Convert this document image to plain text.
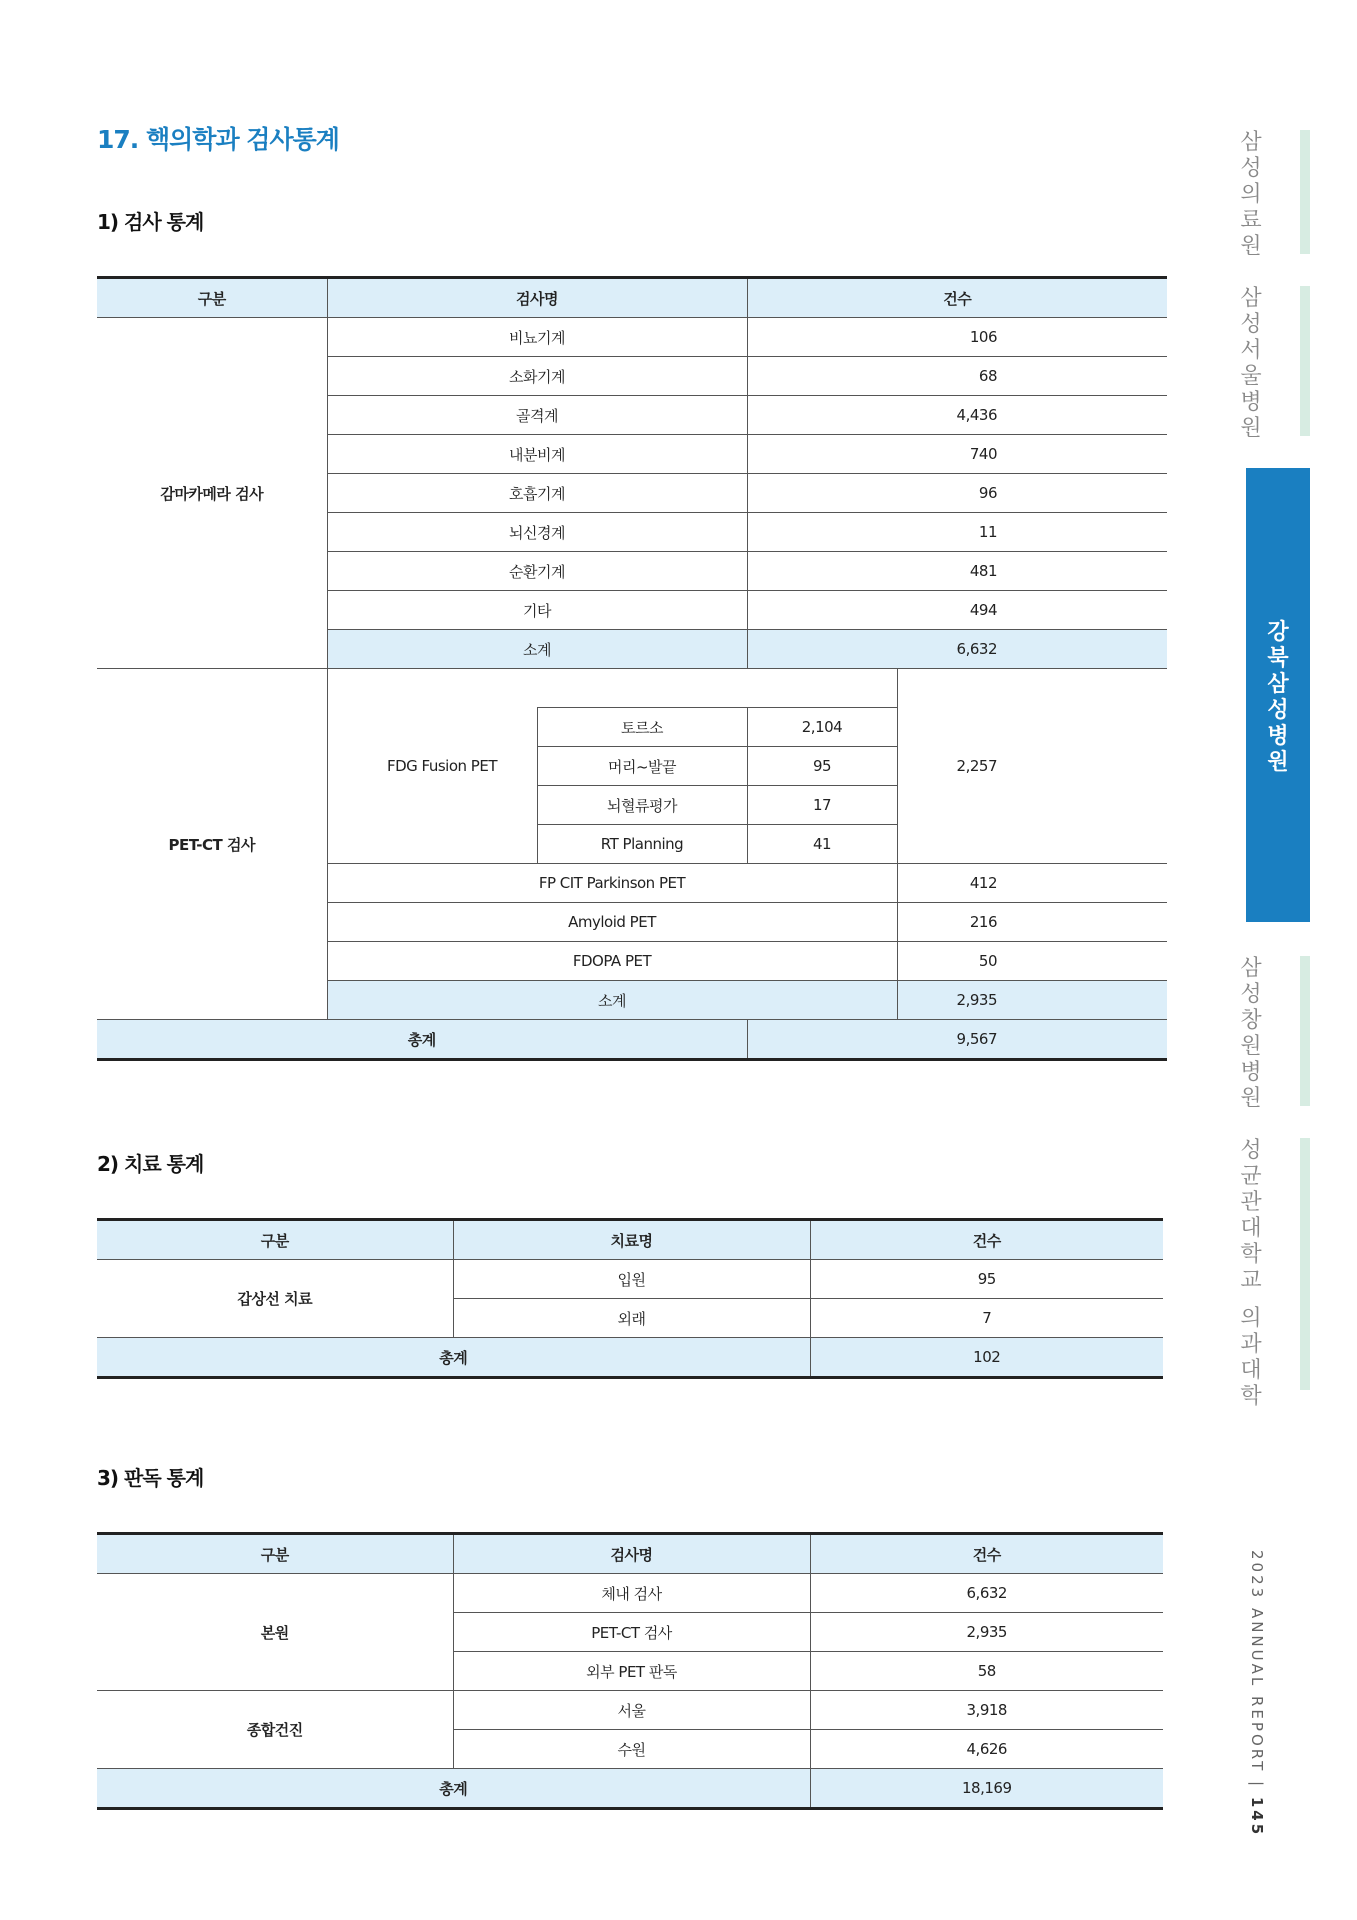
17. 핵의학과 검사통계
1) 검사 통계
구분	검사명		건수	
감마카메라 검사	비뇨기계		106	
	소화기계		68	
	골격계		4,436	
	내분비계		740	
	호흡기계		96	
	뇌신경계		11	
	순환기계		481	
	기타		494	
	소계		6,632	
PET-CT 검사	FDG Fusion PET			2,257
		토르소	2,104	
		머리~발끝	95	
		뇌혈류평가	17	
		RT Planning	41	
	FP CIT Parkinson PET			412
	Amyloid PET			216
	FDOPA PET			50
	소계			2,935

총계			9,567	
2) 치료 통계
구분	치료명	건수
갑상선 치료	입원	95
	외래	7
총계		102
3) 판독 통계
구분	검사명	건수
본원	체내 검사	6,632
	PET-CT 검사	2,935
	외부 PET 판독	58
종합건진	서울	3,918
	수원	4,626
총계		18,169
삼
성
의
료
원
삼
성
서
울
병
원
강
북
삼
성
병
원
삼
성
창
원
병
원
성
균
관
대
학
교

의
과
대
학
2023 ANNUAL REPORT | 145
